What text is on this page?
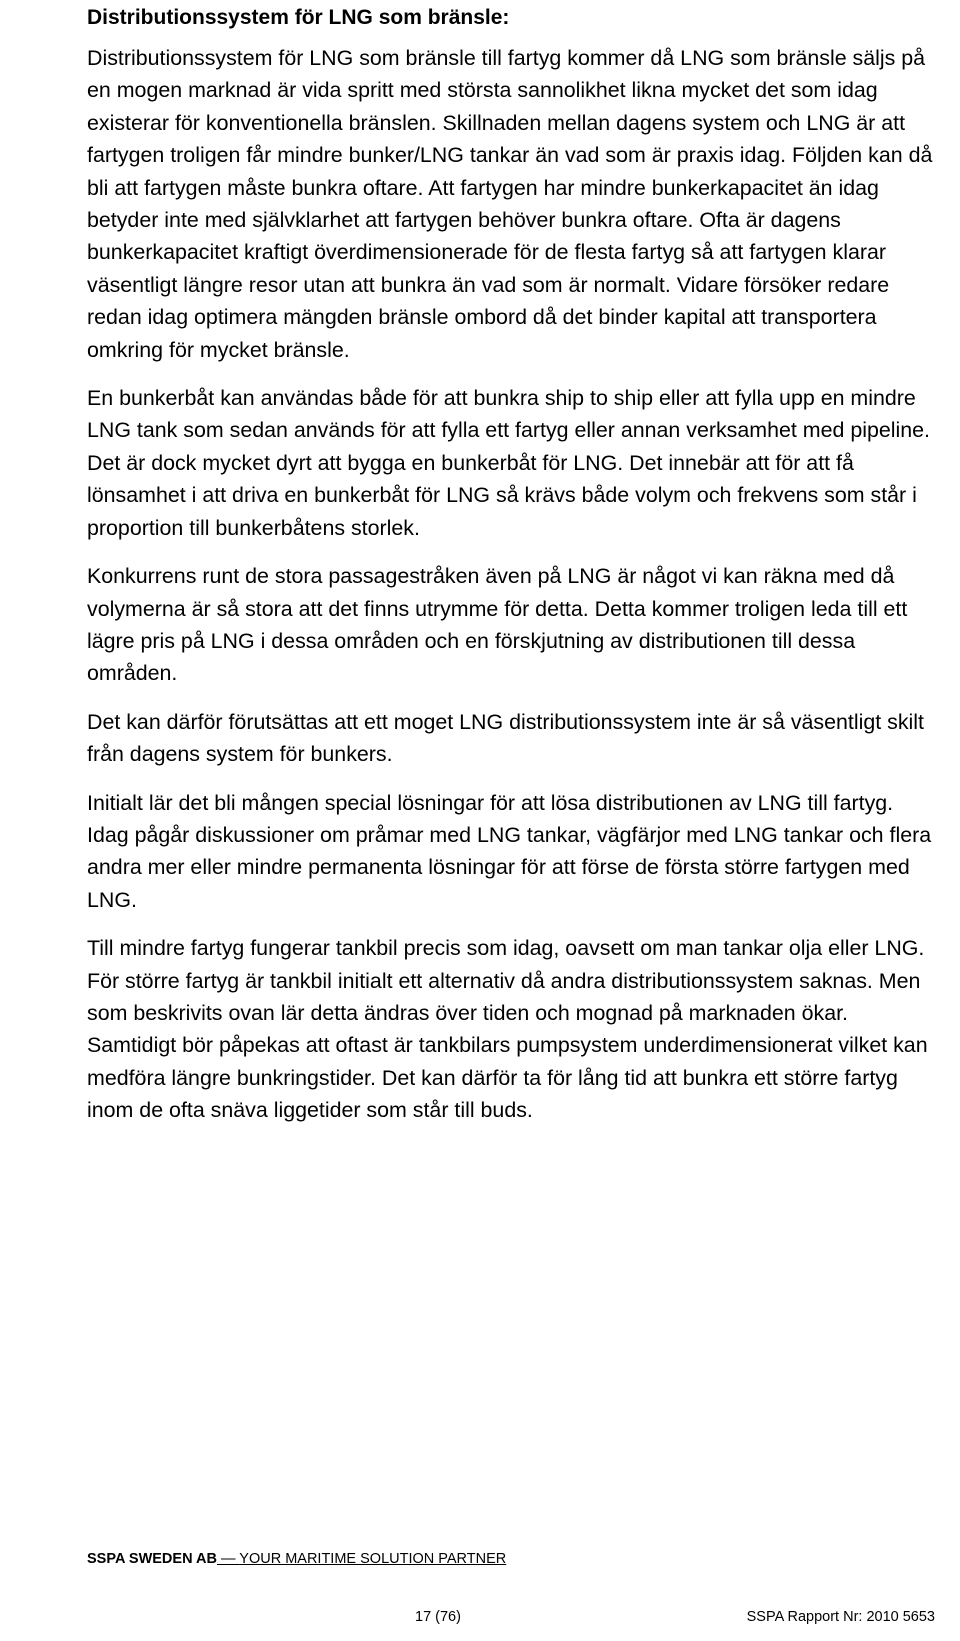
Distributionssystem för LNG som bränsle:

Distributionssystem för LNG som bränsle till fartyg kommer då LNG som bränsle säljs på en mogen marknad är vida spritt med största sannolikhet likna mycket det som idag existerar för konventionella bränslen. Skillnaden mellan dagens system och LNG är att fartygen troligen får mindre bunker/LNG tankar än vad som är praxis idag. Följden kan då bli att fartygen måste bunkra oftare. Att fartygen har mindre bunkerkapacitet än idag betyder inte med självklarhet att fartygen behöver bunkra oftare. Ofta är dagens bunkerkapacitet kraftigt överdimensionerade för de flesta fartyg så att fartygen klarar väsentligt längre resor utan att bunkra än vad som är normalt. Vidare försöker redare redan idag optimera mängden bränsle ombord då det binder kapital att transportera omkring för mycket bränsle.

En bunkerbåt kan användas både för att bunkra ship to ship eller att fylla upp en mindre LNG tank som sedan används för att fylla ett fartyg eller annan verksamhet med pipeline. Det är dock mycket dyrt att bygga en bunkerbåt för LNG. Det innebär att för att få lönsamhet i att driva en bunkerbåt för LNG så krävs både volym och frekvens som står i proportion till bunkerbåtens storlek.

Konkurrens runt de stora passagestråken även på LNG är något vi kan räkna med då volymerna är så stora att det finns utrymme för detta. Detta kommer troligen leda till ett lägre pris på LNG i dessa områden och en förskjutning av distributionen till dessa områden.

Det kan därför förutsättas att ett moget LNG distributionssystem inte är så väsentligt skilt från dagens system för bunkers.

Initialt lär det bli mången special lösningar för att lösa distributionen av LNG till fartyg. Idag pågår diskussioner om pråmar med LNG tankar, vägfärjor med LNG tankar och flera andra mer eller mindre permanenta lösningar för att förse de första större fartygen med LNG.

Till mindre fartyg fungerar tankbil precis som idag, oavsett om man tankar olja eller LNG. För större fartyg är tankbil initialt ett alternativ då andra distributionssystem saknas. Men som beskrivits ovan lär detta ändras över tiden och mognad på marknaden ökar. Samtidigt bör påpekas att oftast är tankbilars pumpsystem underdimensionerat vilket kan medföra längre bunkringstider. Det kan därför ta för lång tid att bunkra ett större fartyg inom de ofta snäva liggetider som står till buds.

SSPA SWEDEN AB — YOUR MARITIME SOLUTION PARTNER
17 (76)	SSPA Rapport Nr: 2010 5653
